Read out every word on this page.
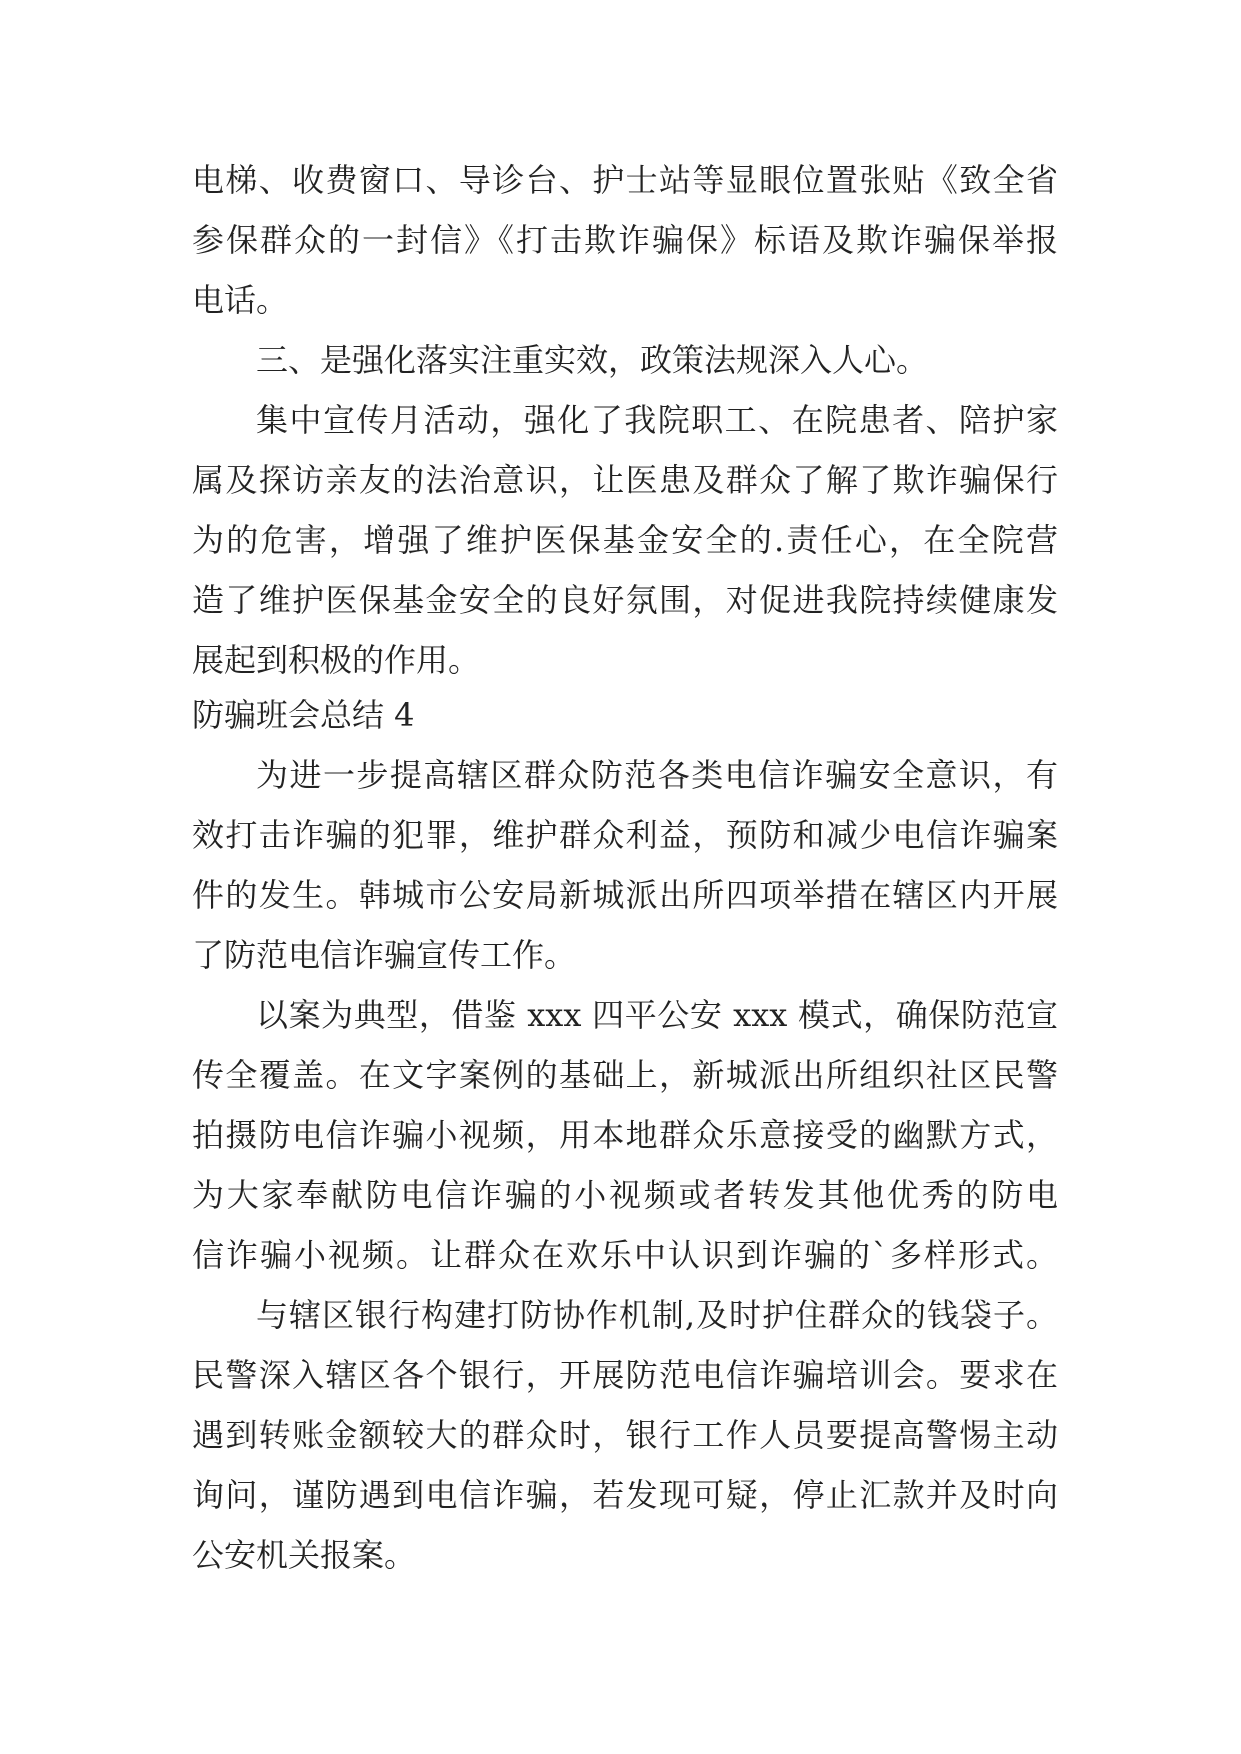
电梯、收费窗口、导诊台、护士站等显眼位置张贴《致全省
参保群众的一封信》《打击欺诈骗保》标语及欺诈骗保举报
电话。
三、是强化落实注重实效，政策法规深入人心。
集中宣传月活动，强化了我院职工、在院患者、陪护家
属及探访亲友的法治意识，让医患及群众了解了欺诈骗保行
为的危害，增强了维护医保基金安全的.责任心，在全院营
造了维护医保基金安全的良好氛围，对促进我院持续健康发
展起到积极的作用。
防骗班会总结 4
为进一步提高辖区群众防范各类电信诈骗安全意识，有
效打击诈骗的犯罪，维护群众利益，预防和减少电信诈骗案
件的发生。韩城市公安局新城派出所四项举措在辖区内开展
了防范电信诈骗宣传工作。
以案为典型，借鉴 xxx 四平公安 xxx 模式，确保防范宣
传全覆盖。在文字案例的基础上，新城派出所组织社区民警
拍摄防电信诈骗小视频，用本地群众乐意接受的幽默方式，
为大家奉献防电信诈骗的小视频或者转发其他优秀的防电
信诈骗小视频。让群众在欢乐中认识到诈骗的`多样形式。
与辖区银行构建打防协作机制,及时护住群众的钱袋子。
民警深入辖区各个银行，开展防范电信诈骗培训会。要求在
遇到转账金额较大的群众时，银行工作人员要提高警惕主动
询问，谨防遇到电信诈骗，若发现可疑，停止汇款并及时向
公安机关报案。
